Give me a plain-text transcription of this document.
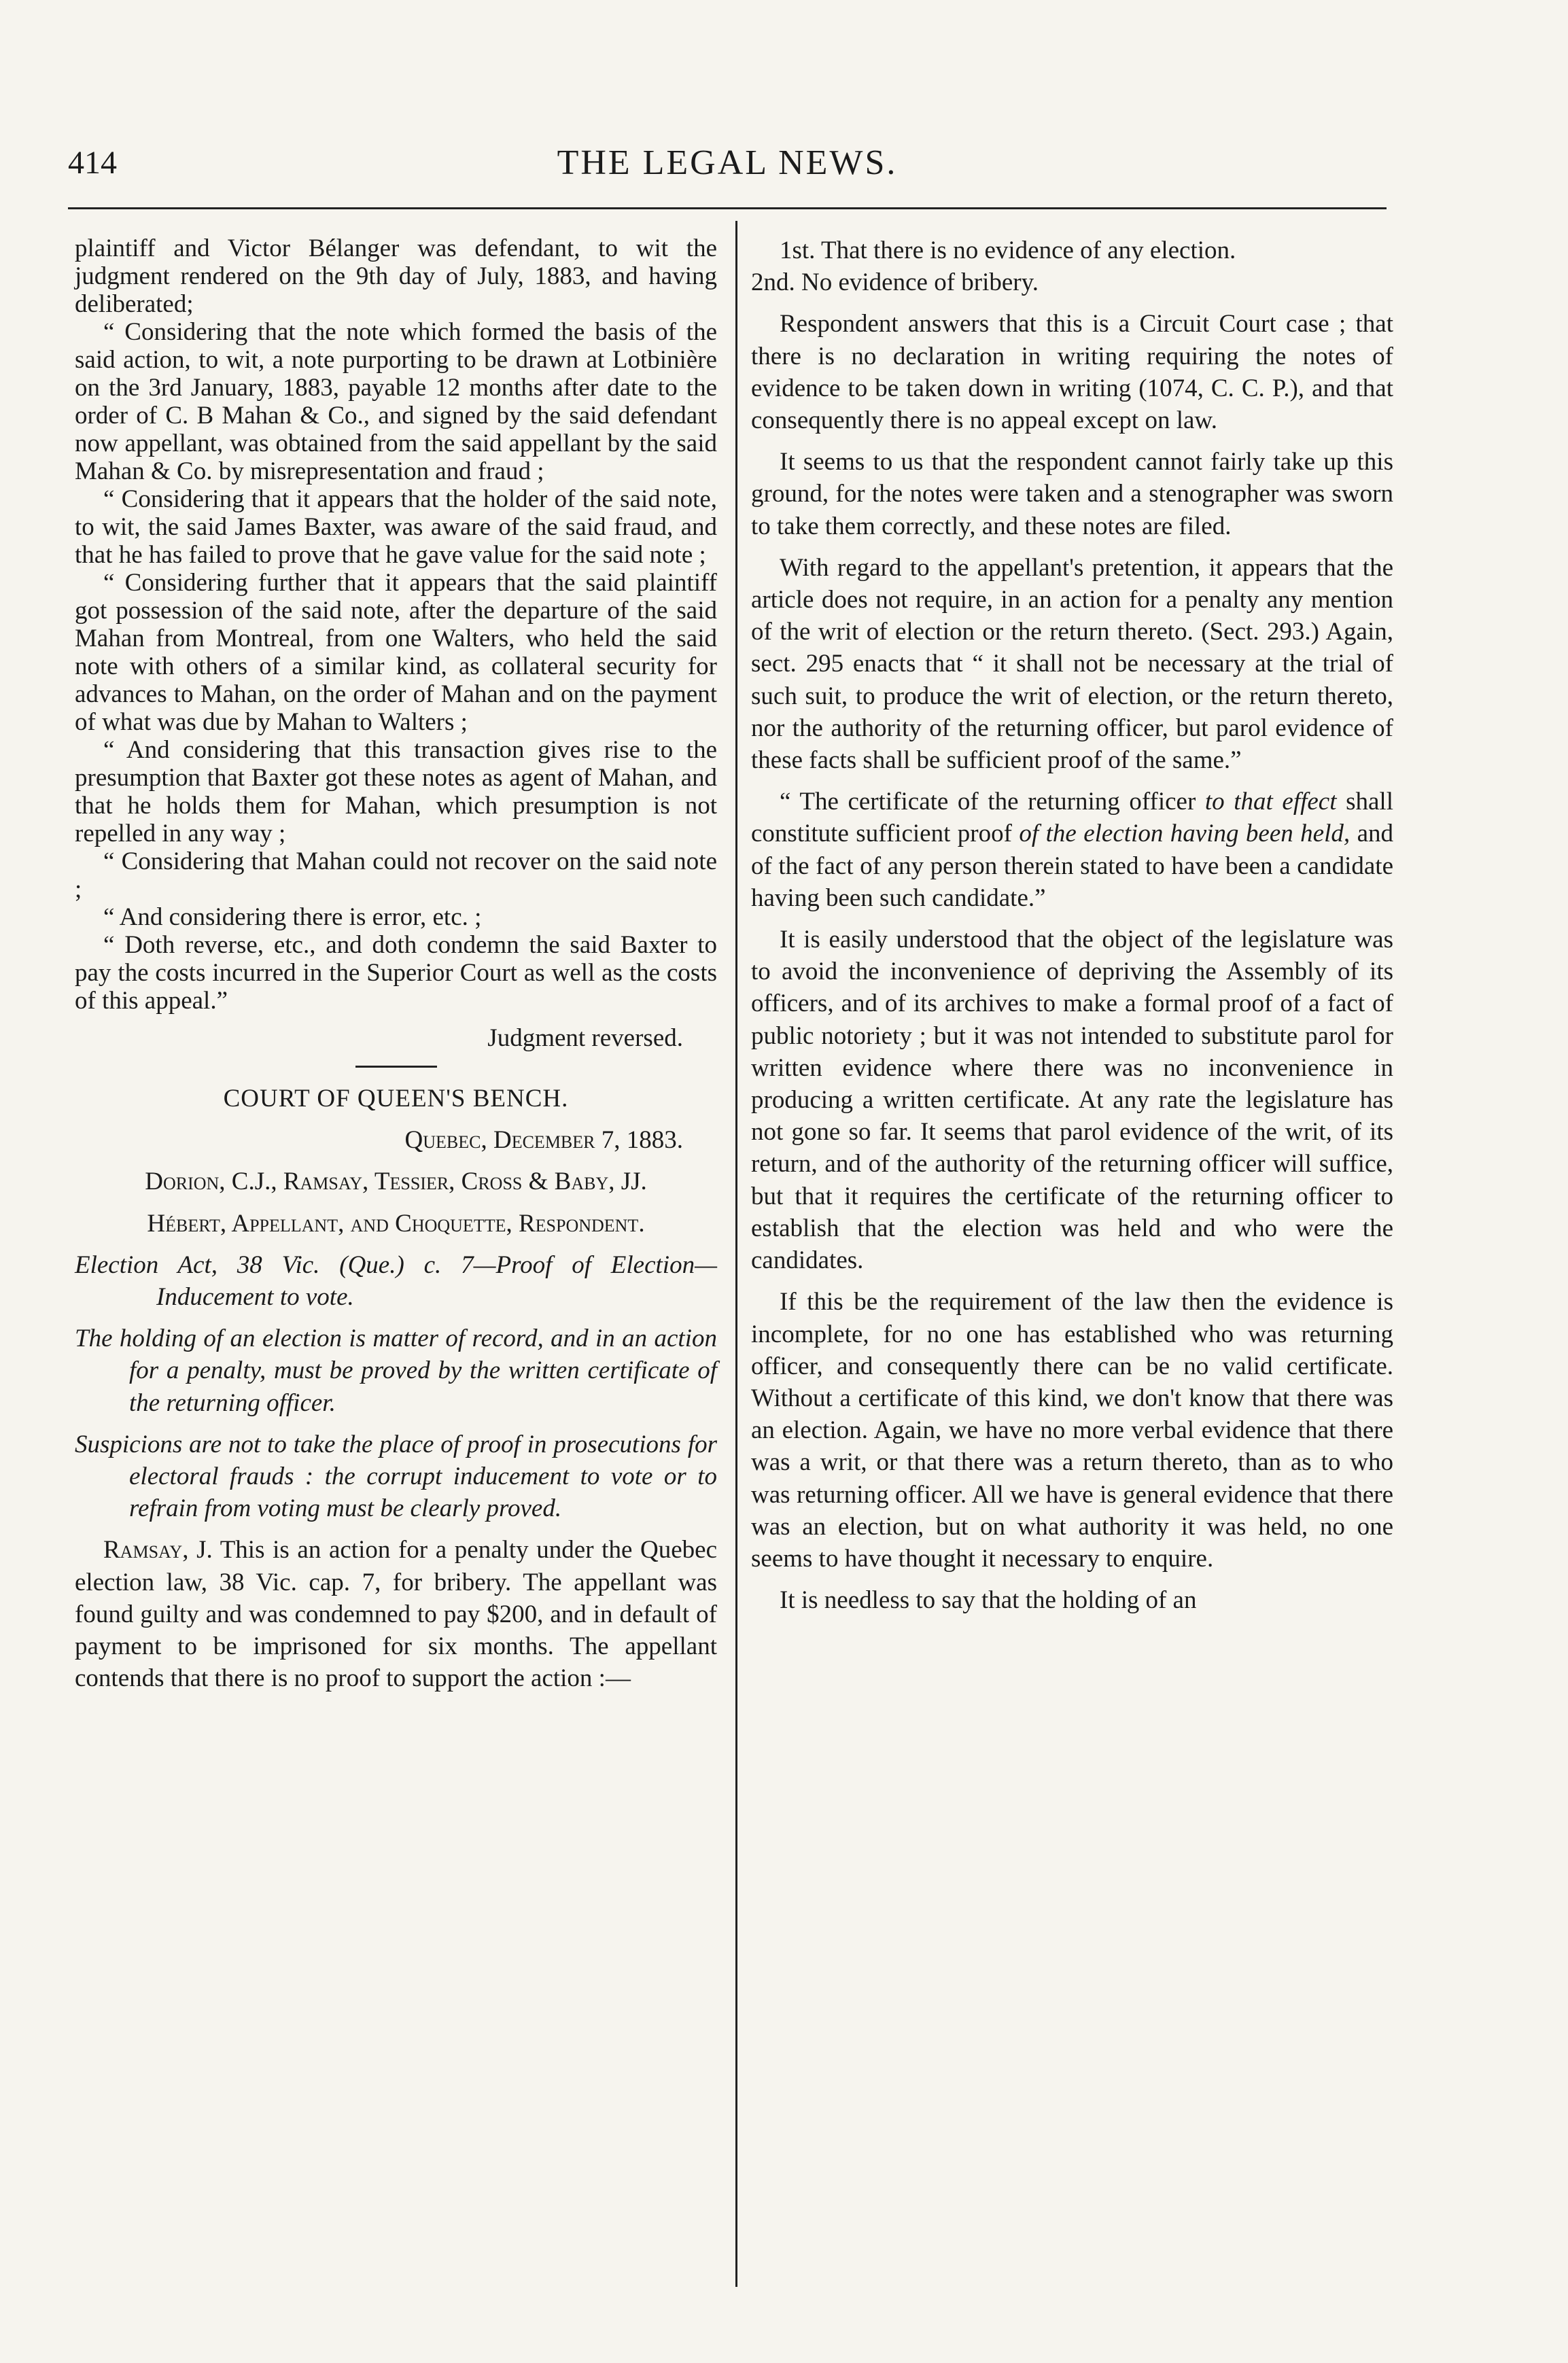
414	THE LEGAL NEWS.

plaintiff and Victor Bélanger was defendant, to wit the judgment rendered on the 9th day of July, 1883, and having deliberated;

“ Considering that the note which formed the basis of the said action, to wit, a note purporting to be drawn at Lotbinière on the 3rd January, 1883, payable 12 months after date to the order of C. B Mahan & Co., and signed by the said defendant now appellant, was obtained from the said appellant by the said Mahan & Co. by misrepresentation and fraud ;

“ Considering that it appears that the holder of the said note, to wit, the said James Baxter, was aware of the said fraud, and that he has failed to prove that he gave value for the said note ;

“ Considering further that it appears that the said plaintiff got possession of the said note, after the departure of the said Mahan from Montreal, from one Walters, who held the said note with others of a similar kind, as collateral security for advances to Mahan, on the order of Mahan and on the payment of what was due by Mahan to Walters ;

“ And considering that this transaction gives rise to the presumption that Baxter got these notes as agent of Mahan, and that he holds them for Mahan, which presumption is not repelled in any way ;

“ Considering that Mahan could not recover on the said note ;

“ And considering there is error, etc. ;

“ Doth reverse, etc., and doth condemn the said Baxter to pay the costs incurred in the Superior Court as well as the costs of this appeal.”

Judgment reversed.

COURT OF QUEEN'S BENCH.

Quebec, December 7, 1883.

Dorion, C.J., Ramsay, Tessier, Cross & Baby, JJ.

Hébert, Appellant, and Choquette, Respondent.

Election Act, 38 Vic. (Que.) c. 7—Proof of Election—Inducement to vote.

The holding of an election is matter of record, and in an action for a penalty, must be proved by the written certificate of the returning officer.

Suspicions are not to take the place of proof in prosecutions for electoral frauds : the corrupt inducement to vote or to refrain from voting must be clearly proved.

Ramsay, J. This is an action for a penalty under the Quebec election law, 38 Vic. cap. 7, for bribery. The appellant was found guilty and was condemned to pay $200, and in default of payment to be imprisoned for six months. The appellant contends that there is no proof to support the action :—

1st. That there is no evidence of any election.

2nd. No evidence of bribery.

Respondent answers that this is a Circuit Court case ; that there is no declaration in writing requiring the notes of evidence to be taken down in writing (1074, C. C. P.), and that consequently there is no appeal except on law.

It seems to us that the respondent cannot fairly take up this ground, for the notes were taken and a stenographer was sworn to take them correctly, and these notes are filed.

With regard to the appellant's pretention, it appears that the article does not require, in an action for a penalty any mention of the writ of election or the return thereto. (Sect. 293.) Again, sect. 295 enacts that “ it shall not be necessary at the trial of such suit, to produce the writ of election, or the return thereto, nor the authority of the returning officer, but parol evidence of these facts shall be sufficient proof of the same.”

“ The certificate of the returning officer to that effect shall constitute sufficient proof of the election having been held, and of the fact of any person therein stated to have been a candidate having been such candidate.”

It is easily understood that the object of the legislature was to avoid the inconvenience of depriving the Assembly of its officers, and of its archives to make a formal proof of a fact of public notoriety ; but it was not intended to substitute parol for written evidence where there was no inconvenience in producing a written certificate. At any rate the legislature has not gone so far. It seems that parol evidence of the writ, of its return, and of the authority of the returning officer will suffice, but that it requires the certificate of the returning officer to establish that the election was held and who were the candidates.

If this be the requirement of the law then the evidence is incomplete, for no one has established who was returning officer, and consequently there can be no valid certificate. Without a certificate of this kind, we don't know that there was an election. Again, we have no more verbal evidence that there was a writ, or that there was a return thereto, than as to who was returning officer. All we have is general evidence that there was an election, but on what authority it was held, no one seems to have thought it necessary to enquire.

It is needless to say that the holding of an
